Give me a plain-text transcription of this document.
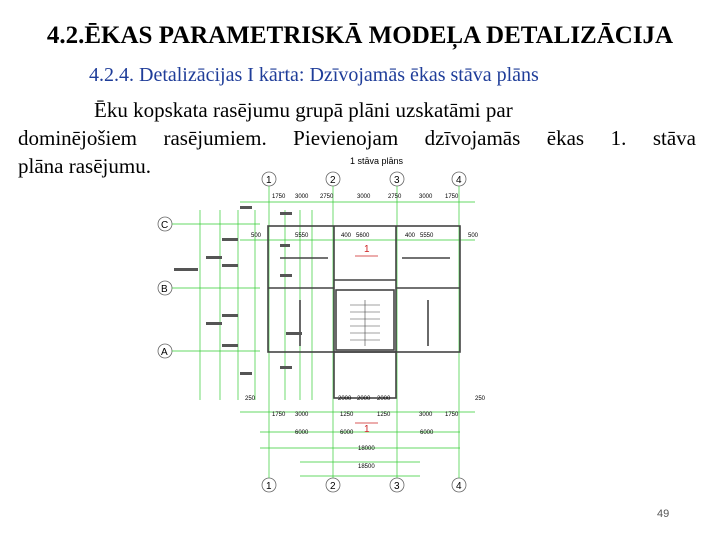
4.2.ĒKAS PARAMETRISKĀ MODEĻA DETALIZĀCIJA
4.2.4. Detalizācijas I kārta: Dzīvojamās ēkas stāva plāns
Ēku kopskata rasējumu grupā plāni uzskatāmi par
dominējošiem rasējumiem. Pievienojam dzīvojamās ēkas 1. stāva
plāna rasējumu.	1 stāva plāns
1	2	3	4
1	2	3	4
C
B
A
1750 3000 2750	3000	2750	3000 1750
500	5550	400 5600	400 5550	500
250	2000 2000 2000	250
1750 3000	1250	1250	3000 1750
6000	6000	6000
18000
18500
1
1
49
